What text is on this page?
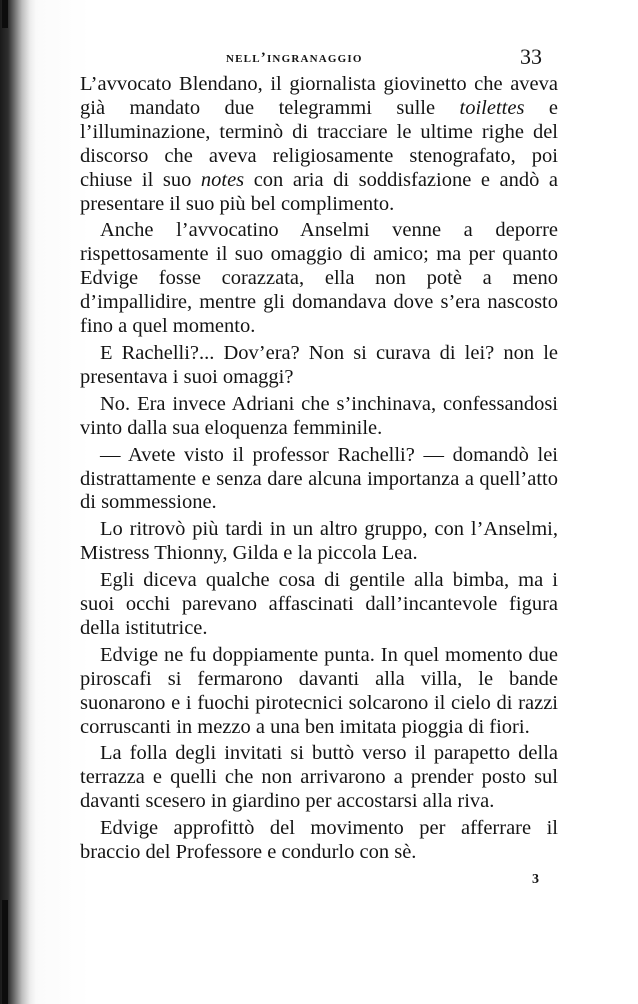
nell’ingranaggio	33

L’avvocato Blendano, il giornalista giovinetto che aveva già mandato due telegrammi sulle toilettes e l’illuminazione, terminò di tracciare le ultime righe del discorso che aveva religiosamente stenografato, poi chiuse il suo notes con aria di soddisfazione e andò a presentare il suo più bel complimento.

Anche l’avvocatino Anselmi venne a deporre rispettosamente il suo omaggio di amico; ma per quanto Edvige fosse corazzata, ella non potè a meno d’impallidire, mentre gli domandava dove s’era nascosto fino a quel momento.

E Rachelli?... Dov’era? Non si curava di lei? non le presentava i suoi omaggi?

No. Era invece Adriani che s’inchinava, confessandosi vinto dalla sua eloquenza femminile.

— Avete visto il professor Rachelli? — domandò lei distrattamente e senza dare alcuna importanza a quell’atto di sommessione.

Lo ritrovò più tardi in un altro gruppo, con l’Anselmi, Mistress Thionny, Gilda e la piccola Lea.

Egli diceva qualche cosa di gentile alla bimba, ma i suoi occhi parevano affascinati dall’incantevole figura della istitutrice.

Edvige ne fu doppiamente punta. In quel momento due piroscafi si fermarono davanti alla villa, le bande suonarono e i fuochi pirotecnici solcarono il cielo di razzi corruscanti in mezzo a una ben imitata pioggia di fiori.

La folla degli invitati si buttò verso il parapetto della terrazza e quelli che non arrivarono a prender posto sul davanti scesero in giardino per accostarsi alla riva.

Edvige approfittò del movimento per afferrare il braccio del Professore e condurlo con sè.

3
